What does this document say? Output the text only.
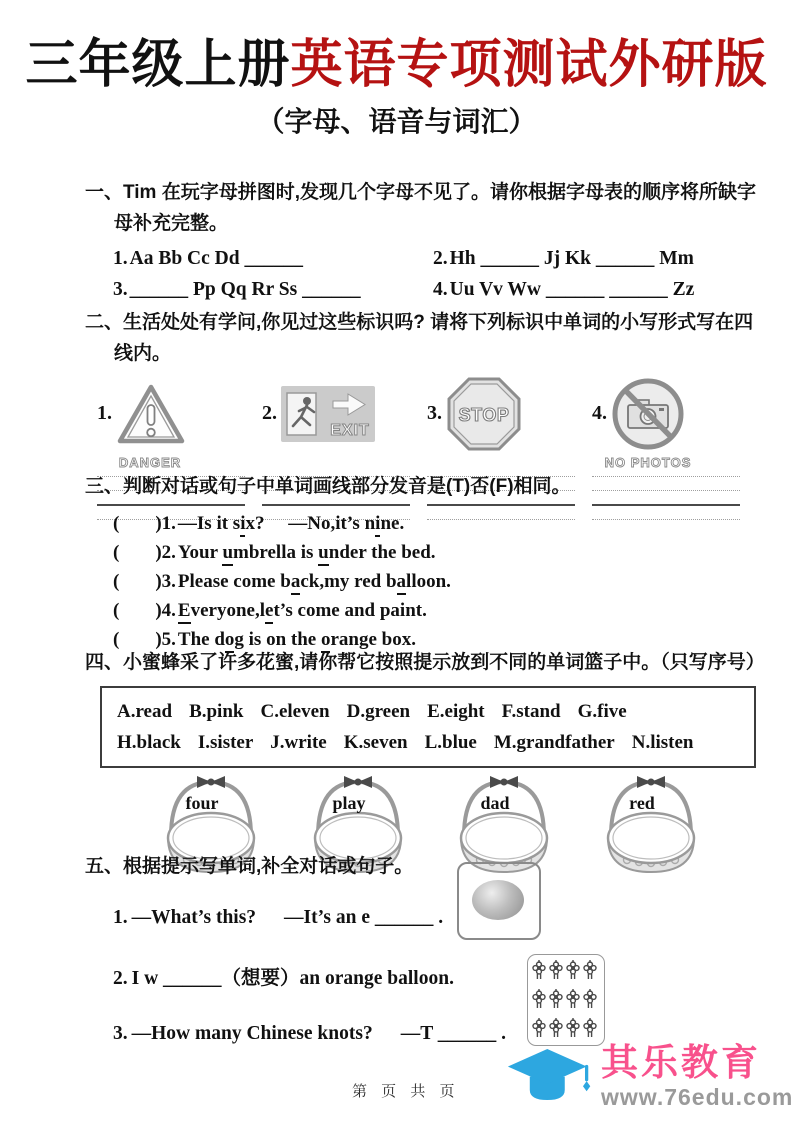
三年级上册英语专项测试外研版
（字母、语音与词汇）
一、Tim 在玩字母拼图时,发现几个字母不见了。请你根据字母表的顺序将所缺字母补充完整。
1. Aa Bb Cc Dd ______	2. Hh ______ Jj Kk ______ Mm
3. ______ Pp Qq Rr Ss ______	4. Uu Vv Ww ______ ______ Zz
二、生活处处有学问,你见过这些标识吗? 请将下列标识中单词的小写形式写在四线内。
1.
DANGER
2.
EXIT
3. STOP	4.
NO PHOTOS
三、判断对话或句子中单词画线部分发音是(T)否(F)相同。
( )1. —Is it six?　 —No,it’s nine.
( )2. Your umbrella is under the bed.
( )3. Please come back,my red balloon.
( )4. Everyone,let’s come and paint.
( )5. The dog is on the orange box.
四、小蜜蜂采了许多花蜜,请你帮它按照提示放到不同的单词篮子中。（只写序号）
A.read B.pink C.eleven D.green E.eight F.stand G.five
H.black I.sister J.write K.seven L.blue M.grandfather N.listen
four	play	dad	red
五、根据提示写单词,补全对话或句子。
1. —What’s this? —It’s an e ______ .
2. I w ______（想要）an orange balloon.
3. —How many Chinese knots? —T ______ .
第 页 共 页
其乐教育
www.76edu.com
